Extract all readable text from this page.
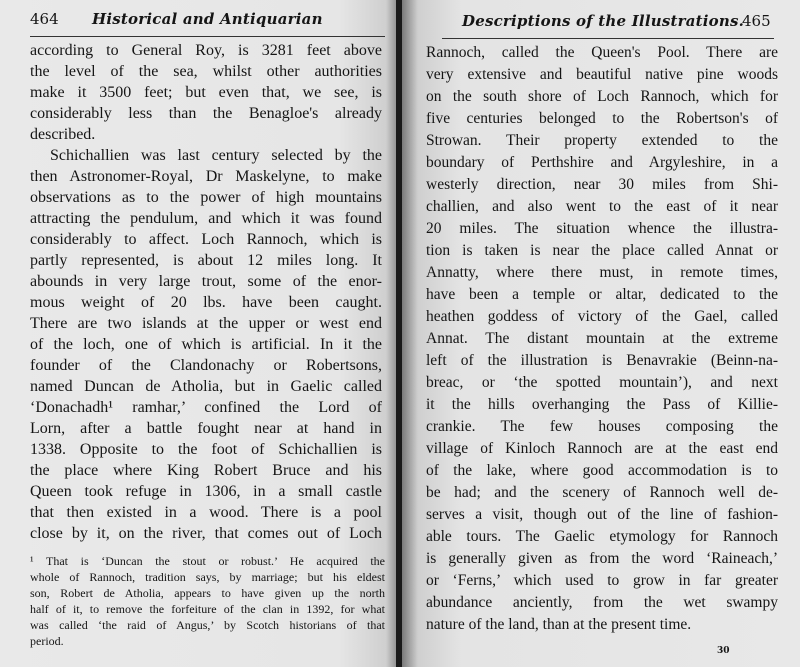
464 Historical and Antiquarian
according to General Roy, is 3281 feet above
the level of the sea, whilst other authorities
make it 3500 feet; but even that, we see, is
considerably less than the Benagloe's already
described.
Schichallien was last century selected by the
then Astronomer-Royal, Dr Maskelyne, to make
observations as to the power of high mountains
attracting the pendulum, and which it was found
considerably to affect. Loch Rannoch, which is
partly represented, is about 12 miles long. It
abounds in very large trout, some of the enor-
mous weight of 20 lbs. have been caught.
There are two islands at the upper or west end
of the loch, one of which is artificial. In it the
founder of the Clandonachy or Robertsons,
named Duncan de Atholia, but in Gaelic called
‘Donachadh¹ ramhar,’ confined the Lord of
Lorn, after a battle fought near at hand in
1338. Opposite to the foot of Schichallien is
the place where King Robert Bruce and his
Queen took refuge in 1306, in a small castle
that then existed in a wood. There is a pool
close by it, on the river, that comes out of Loch
¹ That is ‘Duncan the stout or robust.’ He acquired the
whole of Rannoch, tradition says, by marriage; but his eldest
son, Robert de Atholia, appears to have given up the north
half of it, to remove the forfeiture of the clan in 1392, for what
was called ‘the raid of Angus,’ by Scotch historians of that
period.
Descriptions of the Illustrations.
465
Rannoch, called the Queen's Pool. There are
very extensive and beautiful native pine woods
on the south shore of Loch Rannoch, which for
five centuries belonged to the Robertson's of
Strowan. Their property extended to the
boundary of Perthshire and Argyleshire, in a
westerly direction, near 30 miles from Shi-
challien, and also went to the east of it near
20 miles. The situation whence the illustra-
tion is taken is near the place called Annat or
Annatty, where there must, in remote times,
have been a temple or altar, dedicated to the
heathen goddess of victory of the Gael, called
Annat. The distant mountain at the extreme
left of the illustration is Benavrakie (Beinn-na-
breac, or ‘the spotted mountain’), and next
it the hills overhanging the Pass of Killie-
crankie. The few houses composing the
village of Kinloch Rannoch are at the east end
of the lake, where good accommodation is to
be had; and the scenery of Rannoch well de-
serves a visit, though out of the line of fashion-
able tours. The Gaelic etymology for Rannoch
is generally given as from the word ‘Raineach,’
or ‘Ferns,’ which used to grow in far greater
abundance anciently, from the wet swampy
nature of the land, than at the present time.
30
